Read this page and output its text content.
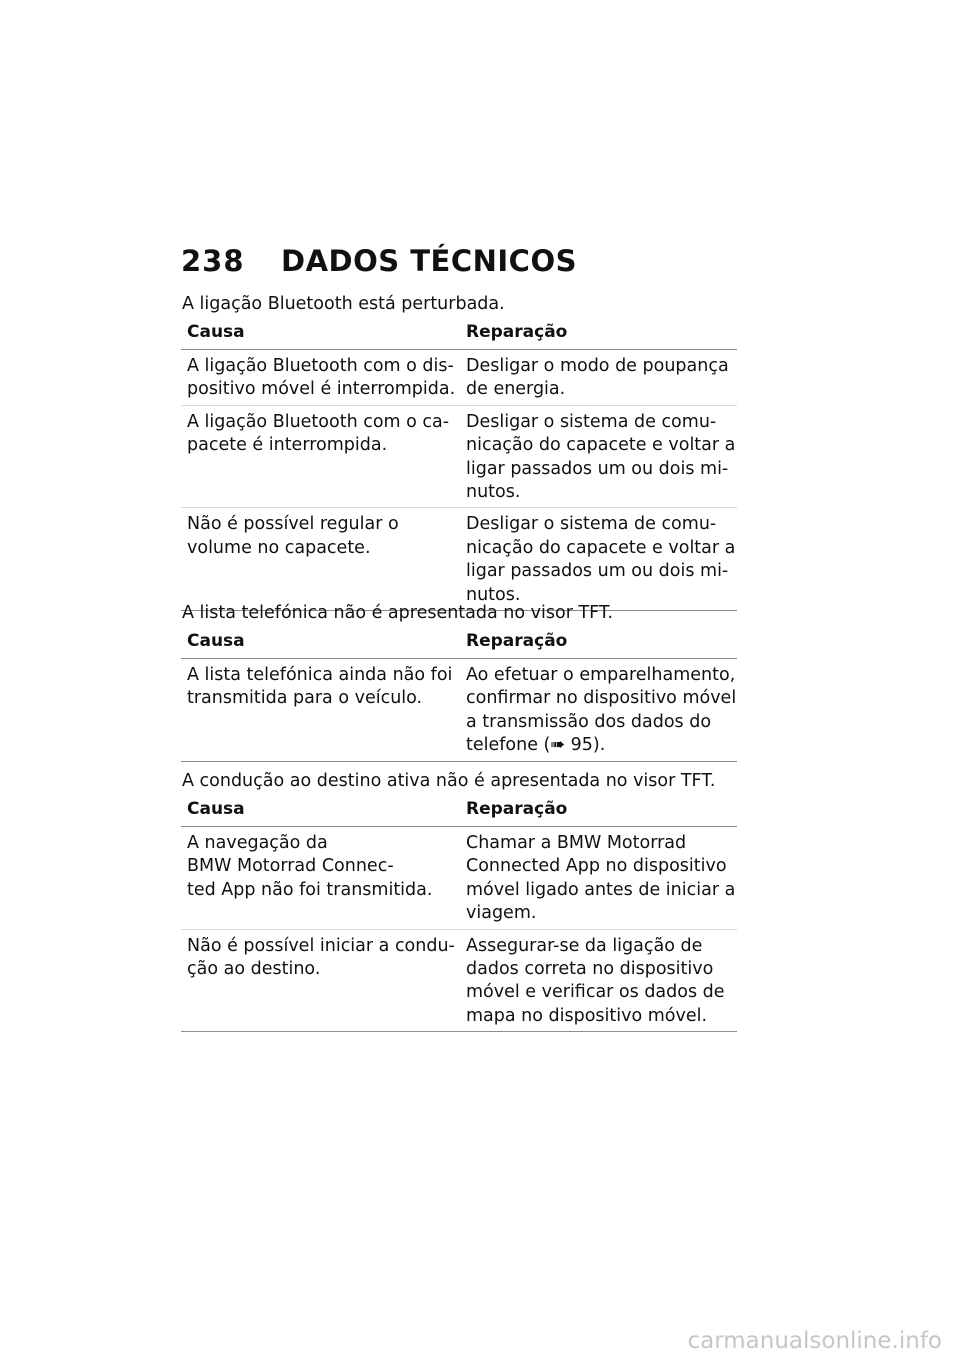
238 DADOS TÉCNICOS
A ligação Bluetooth está perturbada.
Causa	Reparação

A ligação Bluetooth com o dis-
positivo móvel é interrompida.	Desligar o modo de poupança
de energia.

A ligação Bluetooth com o ca-
pacete é interrompida.	Desligar o sistema de comu-
nicação do capacete e voltar a
ligar passados um ou dois mi-
nutos.

Não é possível regular o
volume no capacete.	Desligar o sistema de comu-
nicação do capacete e voltar a
ligar passados um ou dois mi-
nutos.
A lista telefónica não é apresentada no visor TFT.
Causa	Reparação

A lista telefónica ainda não foi
transmitida para o veículo.	Ao efetuar o emparelhamento,
confirmar no dispositivo móvel
a transmissão dos dados do
telefone (➠ 95).
A condução ao destino ativa não é apresentada no visor TFT.
Causa	Reparação

A navegação da
BMW Motorrad Connec-
ted App não foi transmitida.	Chamar a BMW Motorrad
Connected App no dispositivo
móvel ligado antes de iniciar a
viagem.

Não é possível iniciar a condu-
ção ao destino.	Assegurar-se da ligação de
dados correta no dispositivo
móvel e verificar os dados de
mapa no dispositivo móvel.
carmanualsonline.info
